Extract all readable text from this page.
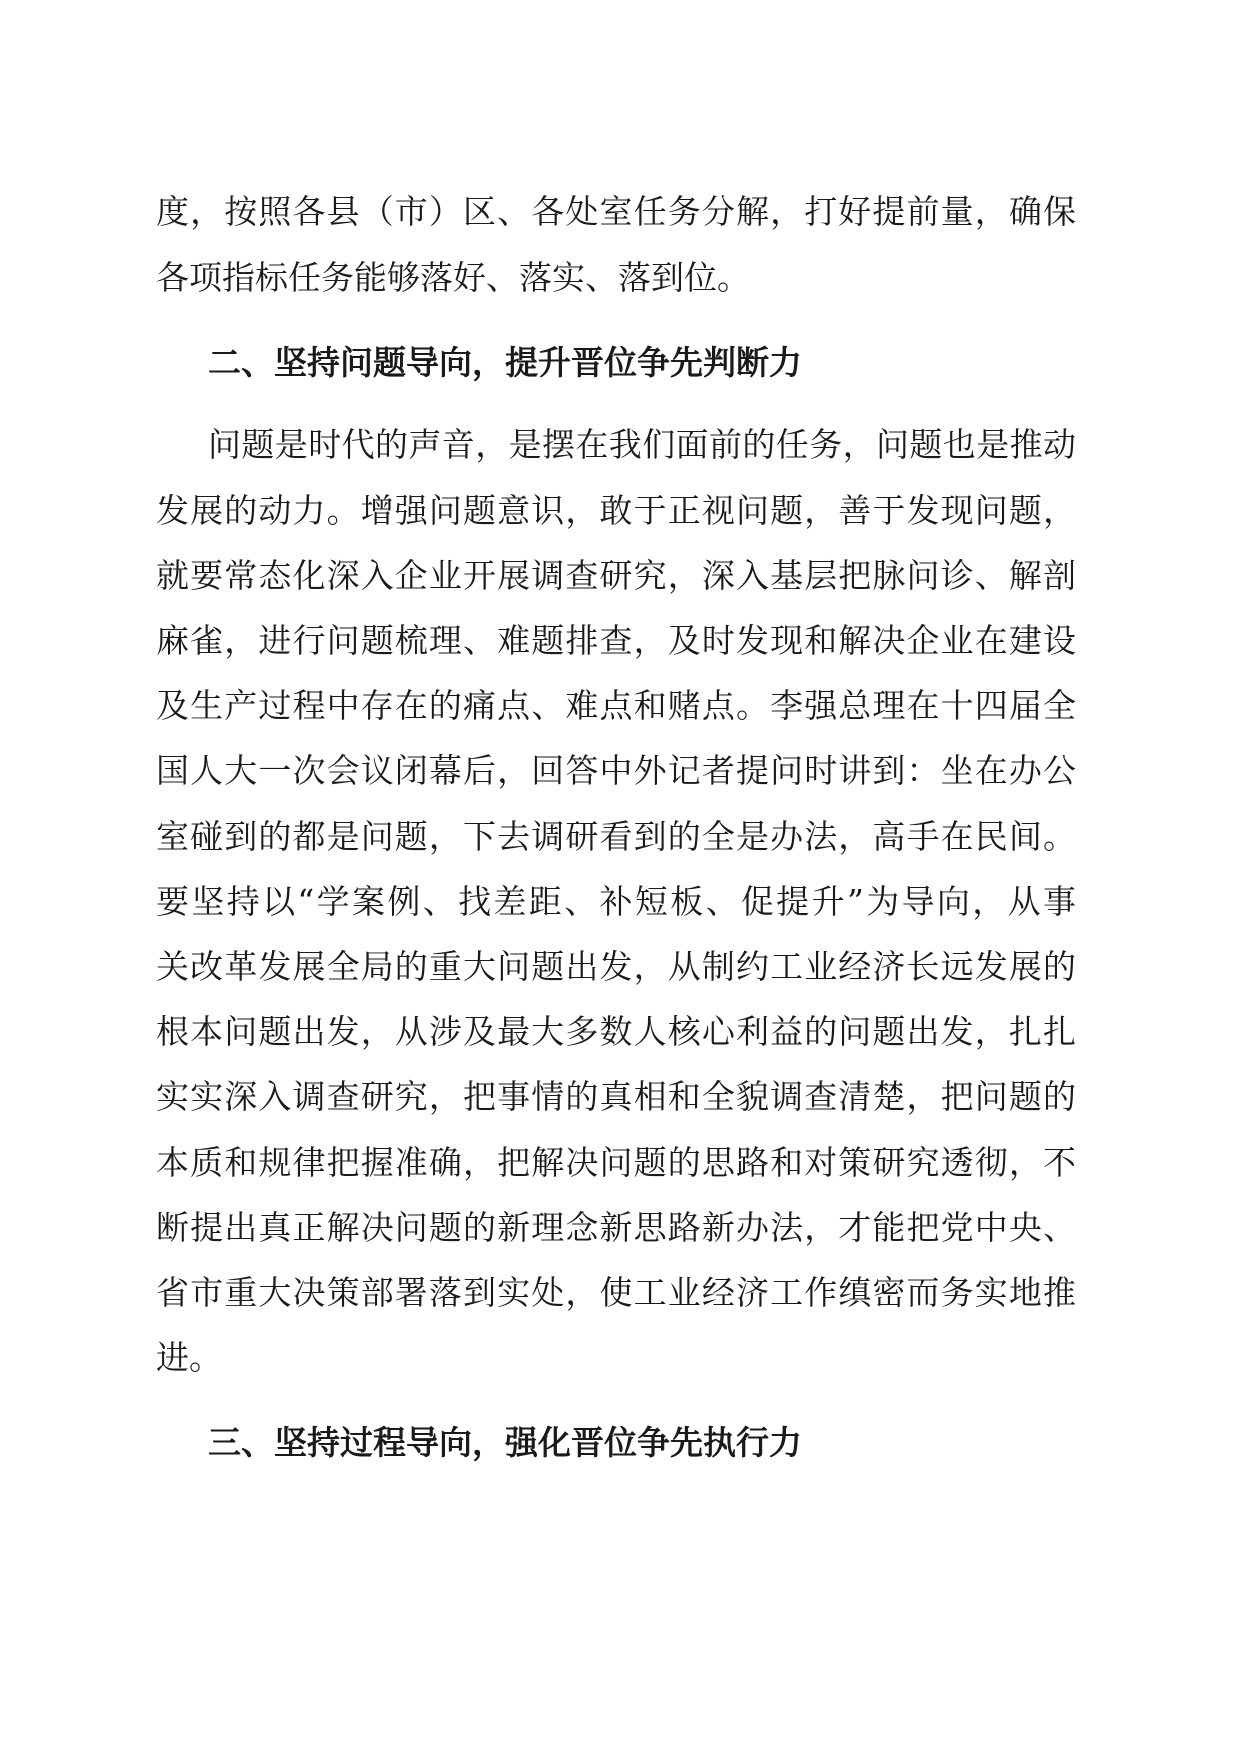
度，按照各县（市）区、各处室任务分解，打好提前量，确保
各项指标任务能够落好、落实、落到位。
二、坚持问题导向，提升晋位争先判断力
问题是时代的声音，是摆在我们面前的任务，问题也是推动
发展的动力。增强问题意识，敢于正视问题，善于发现问题，
就要常态化深入企业开展调查研究，深入基层把脉问诊、解剖
麻雀，进行问题梳理、难题排查，及时发现和解决企业在建设
及生产过程中存在的痛点、难点和赌点。李强总理在十四届全
国人大一次会议闭幕后，回答中外记者提问时讲到：坐在办公
室碰到的都是问题，下去调研看到的全是办法，高手在民间。
要坚持以“学案例、找差距、补短板、促提升”为导向，从事
关改革发展全局的重大问题出发，从制约工业经济长远发展的
根本问题出发，从涉及最大多数人核心利益的问题出发，扎扎
实实深入调查研究，把事情的真相和全貌调查清楚，把问题的
本质和规律把握准确，把解决问题的思路和对策研究透彻，不
断提出真正解决问题的新理念新思路新办法，才能把党中央、
省市重大决策部署落到实处，使工业经济工作缜密而务实地推
进。
三、坚持过程导向，强化晋位争先执行力
